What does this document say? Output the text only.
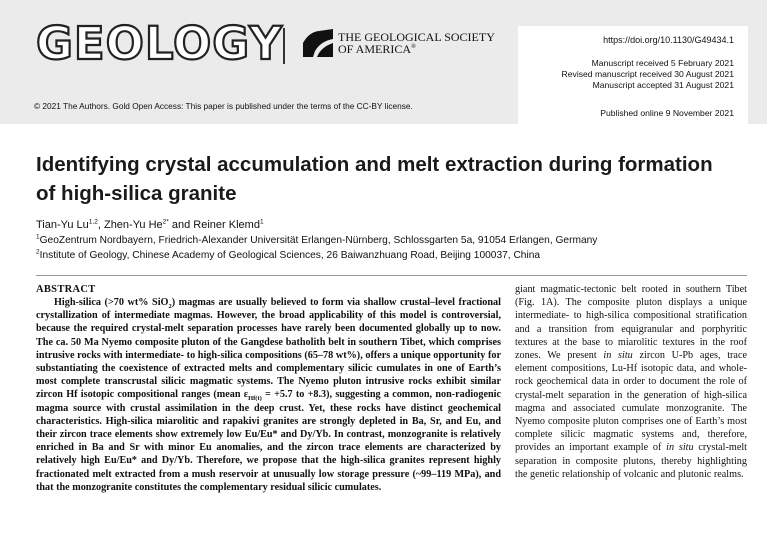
GEOLOGY	THE GEOLOGICAL SOCIETY
OF AMERICA®
© 2021 The Authors. Gold Open Access: This paper is published under the terms of the CC-BY license.
https://doi.org/10.1130/G49434.1
Manuscript received 5 February 2021
Revised manuscript received 30 August 2021
Manuscript accepted 31 August 2021
Published online 9 November 2021
Identifying crystal accumulation and melt extraction during formation of high-silica granite
Tian-Yu Lu$^{1,2}$, Zhen-Yu $He^{2*}$ and Reiner Klemd$^1$
$^1$GeoZentrum Nordbayern, Friedrich-Alexander Universität Erlangen-Nürnberg, Schlossgarten 5a, 91054 Erlangen, Germany
$^2$Institute of Geology, Chinese Academy of Geological Sciences, 26 Baiwanzhuang Road, Beijing 100037, China
ABSTRACT

High-silica (>70 wt% SiO$_2$) magmas are usually believed to form via shallow crustal–level fractional crystallization of intermediate magmas. However, the broad applicability of this model is controversial, because the required crystal-melt separation processes have rarely been documented globally up to now. The ca. 50 Ma Nyemo composite pluton of the Gangdese batholith belt in southern Tibet, which comprises intrusive rocks with intermediate- to high-silica compositions (65–78 wt%), offers a unique opportunity for substantiating the coexistence of extracted melts and complementary silicic cumulates in one of Earth’s most complete transcrustal silicic magmatic systems. The Nyemo pluton intrusive rocks exhibit similar zircon Hf isotopic compositional ranges (mean $\varepsilon_{Hf(t)} = +5.7$ to +8.3), suggesting a common, non-radiogenic magma source with crustal assimilation in the deep crust. Yet, these rocks have distinct geochemical characteristics. High-silica miarolitic and rapakivi granites are strongly depleted in Ba, Sr, and Eu, and their zircon trace elements show extremely low Eu/Eu* and Dy/Yb. In contrast, monzogranite is relatively enriched in Ba and Sr with minor Eu anomalies, and the zircon trace elements are characterized by relatively high Eu/Eu* and Dy/Yb. Therefore, we propose that the high-silica granites represent highly fractionated melt extracted from a mush reservoir at unusually low storage pressure (~99–119 MPa), and that the monzogranite constitutes the complementary residual silicic cumulates.

giant magmatic-tectonic belt rooted in southern Tibet (Fig. 1A). The composite pluton displays a unique intermediate- to high-silica compositional stratification and a transition from equigranular and porphyritic textures at the base to miarolitic textures in the roof zones. We present in situ zircon U-Pb ages, trace element compositions, Lu-Hf isotopic data, and whole-rock geochemical data in order to document the role of crystal-melt separation in the generation of high-silica magma and associated cumulate monzogranite. The Nyemo composite pluton comprises one of Earth’s most complete silicic magmatic systems and, therefore, provides an important example of in situ crystal-melt separation in composite plutons, thereby highlighting the genetic relationship of volcanic and plutonic realms.
